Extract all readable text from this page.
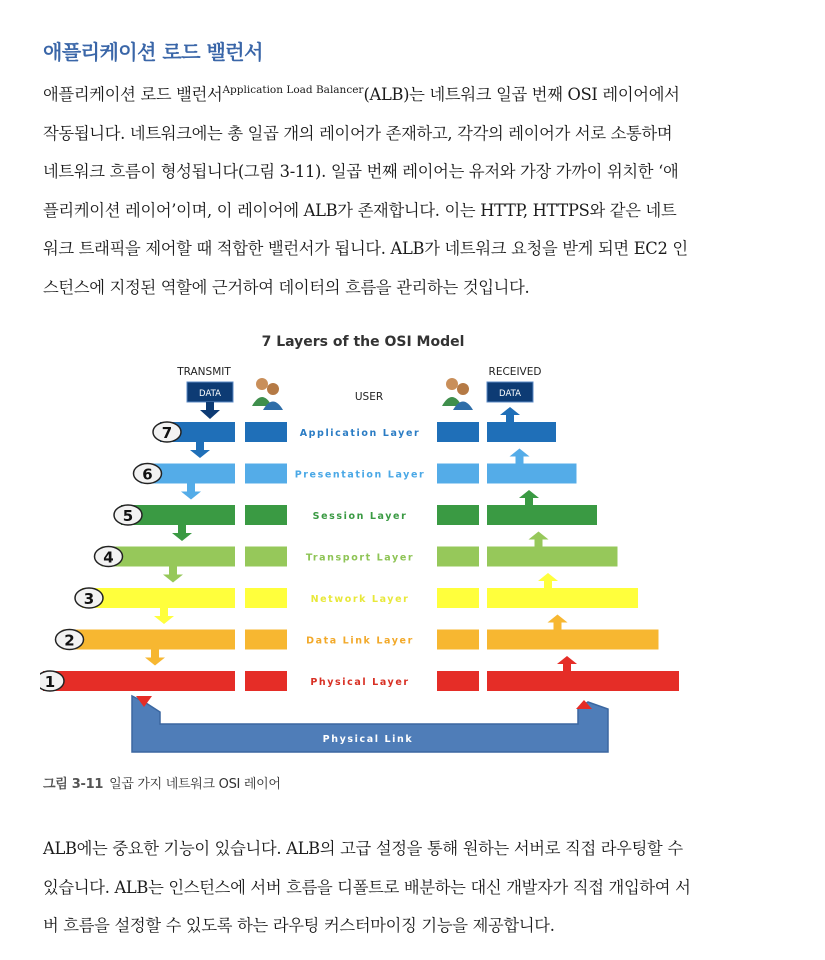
애플리케이션 로드 밸런서

애플리케이션 로드 밸런서$^{Application Load Balancer}$(ALB)는 네트워크 일곱 번째 OSI 레이어에서
작동됩니다. 네트워크에는 총 일곱 개의 레이어가 존재하고, 각각의 레이어가 서로 소통하며
네트워크 흐름이 형성됩니다(그림 3-11). 일곱 번째 레이어는 유저와 가장 가까이 위치한 ‘애
플리케이션 레이어’이며, 이 레이어에 ALB가 존재합니다. 이는 HTTP, HTTPS와 같은 네트
워크 트래픽을 제어할 때 적합한 밸런서가 됩니다. ALB가 네트워크 요청을 받게 되면 EC2 인
스턴스에 지정된 역할에 근거하여 데이터의 흐름을 관리하는 것입니다.

7 Layers of the OSI Model
TRANSMIT	RECEIVED
USER
DATA	DATA
7	Application Layer
6	Presentation Layer
5	Session Layer
4	Transport Layer
3	Network Layer
2	Data Link Layer
1	Physical Layer
Physical Link

그림 3-11 일곱 가지 네트워크 OSI 레이어

ALB에는 중요한 기능이 있습니다. ALB의 고급 설정을 통해 원하는 서버로 직접 라우팅할 수
있습니다. ALB는 인스턴스에 서버 흐름을 디폴트로 배분하는 대신 개발자가 직접 개입하여 서
버 흐름을 설정할 수 있도록 하는 라우팅 커스터마이징 기능을 제공합니다.
